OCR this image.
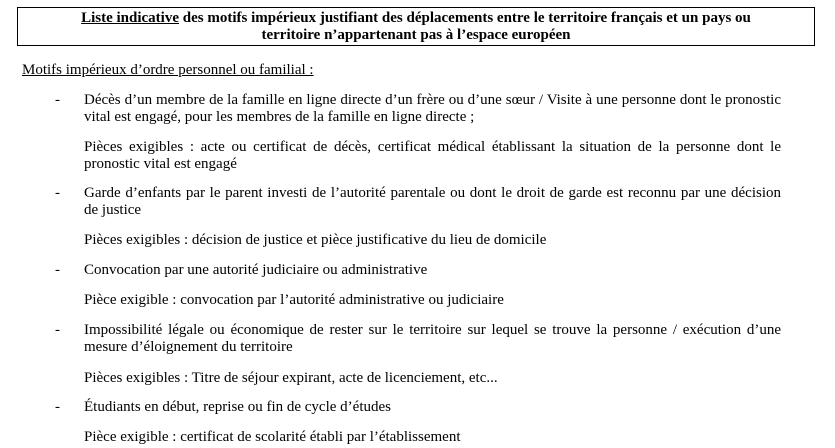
Liste indicative des motifs impérieux justifiant des déplacements entre le territoire français et un pays ou
territoire n’appartenant pas à l’espace européen
Motifs impérieux d’ordre personnel ou familial :
- Décès d’un membre de la famille en ligne directe d’un frère ou d’une sœur / Visite à une personne dont le pronostic vital est engagé, pour les membres de la famille en ligne directe ;
Pièces exigibles : acte ou certificat de décès, certificat médical établissant la situation de la personne dont le pronostic vital est engagé
- Garde d’enfants par le parent investi de l’autorité parentale ou dont le droit de garde est reconnu par une décision de justice
Pièces exigibles : décision de justice et pièce justificative du lieu de domicile
- Convocation par une autorité judiciaire ou administrative
Pièce exigible : convocation par l’autorité administrative ou judiciaire
- Impossibilité légale ou économique de rester sur le territoire sur lequel se trouve la personne / exécution d’une mesure d’éloignement du territoire
Pièces exigibles : Titre de séjour expirant, acte de licenciement, etc...
- Étudiants en début, reprise ou fin de cycle d’études
Pièce exigible : certificat de scolarité établi par l’établissement
